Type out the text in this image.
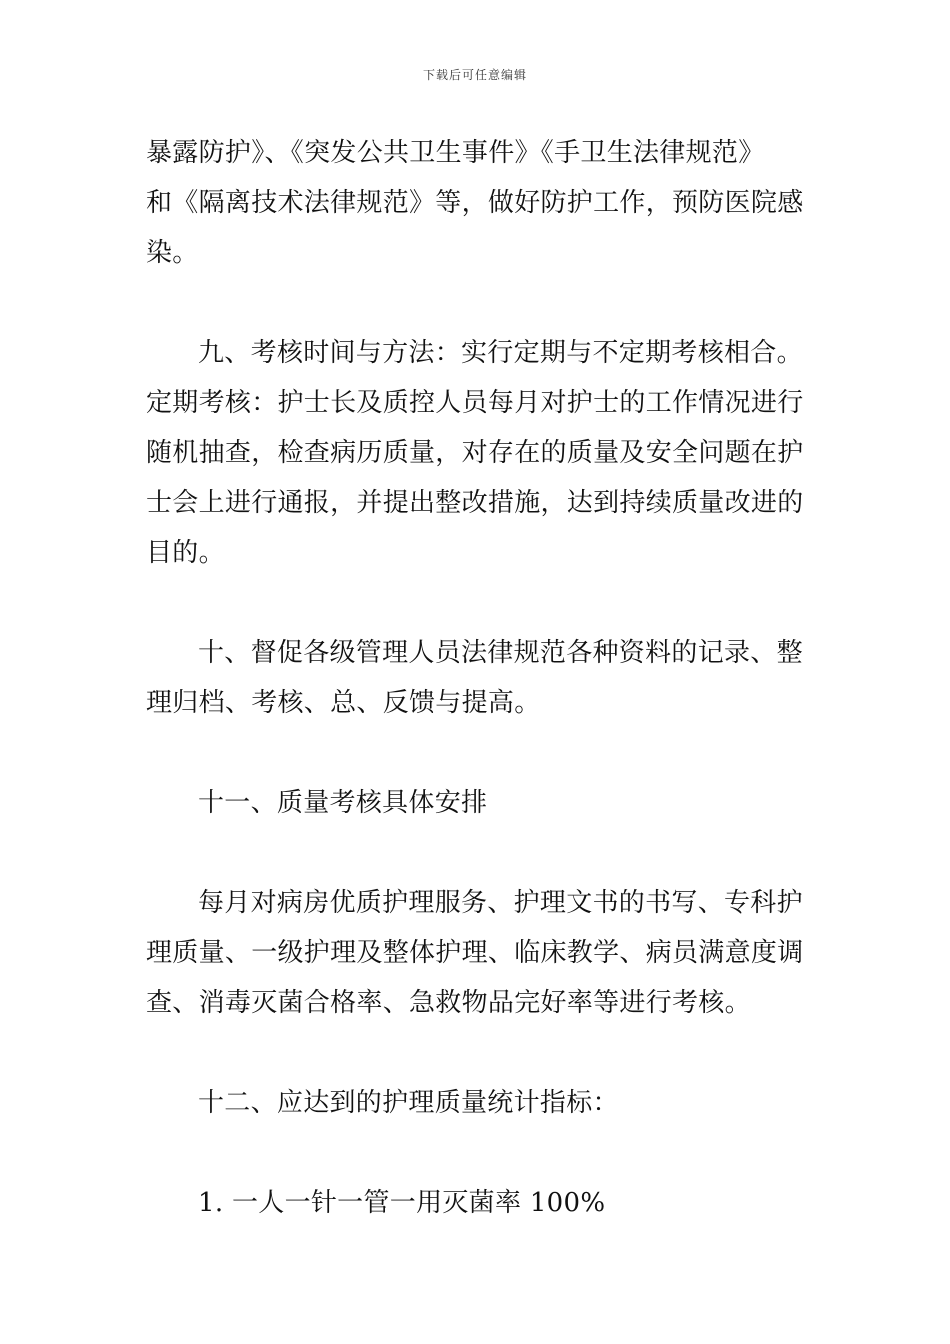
下载后可任意编辑
暴露防护》、《突发公共卫生事件》《手卫生法律规范》
和《隔离技术法律规范》等，做好防护工作，预防医院感
染。
九、考核时间与方法：实行定期与不定期考核相合。
定期考核：护士长及质控人员每月对护士的工作情况进行
随机抽查，检查病历质量，对存在的质量及安全问题在护
士会上进行通报，并提出整改措施，达到持续质量改进的
目的。
十、督促各级管理人员法律规范各种资料的记录、整
理归档、考核、总、反馈与提高。
十一、质量考核具体安排
每月对病房优质护理服务、护理文书的书写、专科护
理质量、一级护理及整体护理、临床教学、病员满意度调
查、消毒灭菌合格率、急救物品完好率等进行考核。
十二、应达到的护理质量统计指标：
1. 一人一针一管一用灭菌率 100%
